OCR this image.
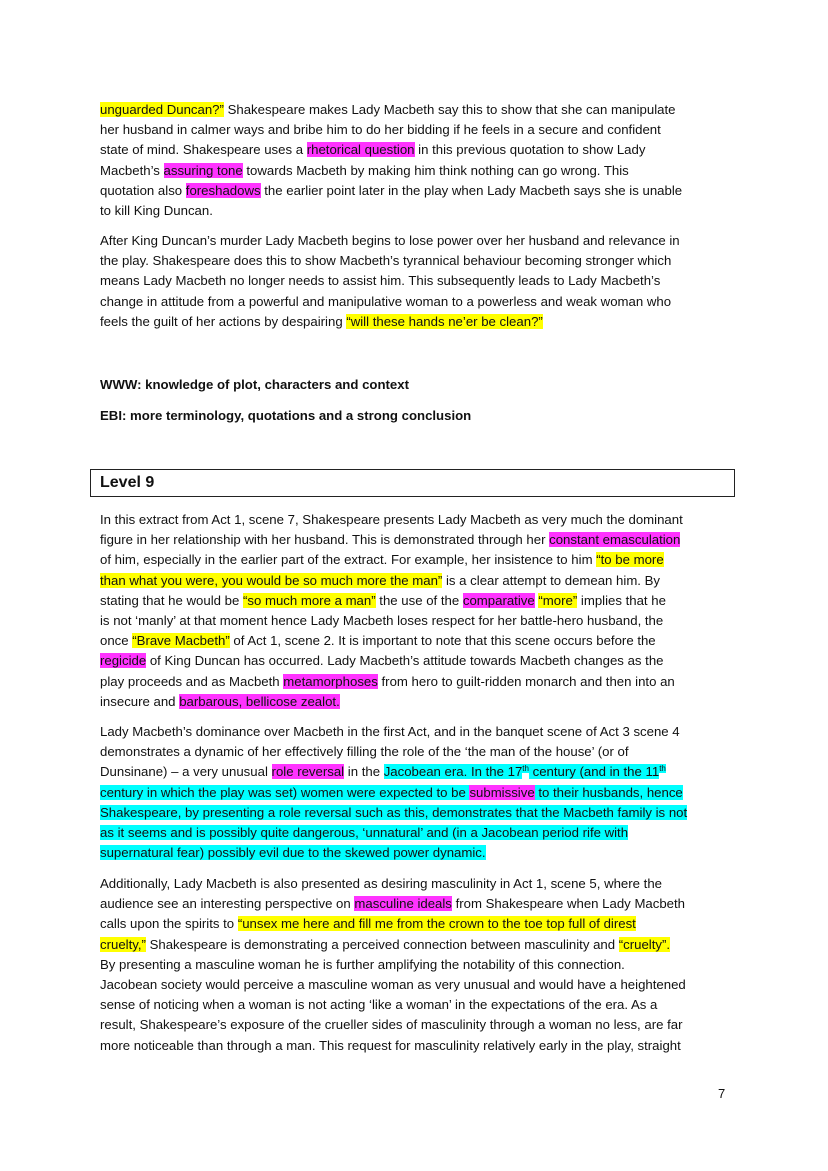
unguarded Duncan?” Shakespeare makes Lady Macbeth say this to show that she can manipulate
her husband in calmer ways and bribe him to do her bidding if he feels in a secure and confident
state of mind. Shakespeare uses a rhetorical question in this previous quotation to show Lady
Macbeth’s assuring tone towards Macbeth by making him think nothing can go wrong. This
quotation also foreshadows the earlier point later in the play when Lady Macbeth says she is unable
to kill King Duncan.
After King Duncan’s murder Lady Macbeth begins to lose power over her husband and relevance in
the play. Shakespeare does this to show Macbeth’s tyrannical behaviour becoming stronger which
means Lady Macbeth no longer needs to assist him. This subsequently leads to Lady Macbeth’s
change in attitude from a powerful and manipulative woman to a powerless and weak woman who
feels the guilt of her actions by despairing “will these hands ne’er be clean?”

WWW: knowledge of plot, characters and context

EBI: more terminology, quotations and a strong conclusion

Level 9
In this extract from Act 1, scene 7, Shakespeare presents Lady Macbeth as very much the dominant
figure in her relationship with her husband. This is demonstrated through her constant emasculation
of him, especially in the earlier part of the extract. For example, her insistence to him “to be more
than what you were, you would be so much more the man” is a clear attempt to demean him. By
stating that he would be “so much more a man” the use of the comparative “more” implies that he
is not ‘manly’ at that moment hence Lady Macbeth loses respect for her battle-hero husband, the
once “Brave Macbeth” of Act 1, scene 2. It is important to note that this scene occurs before the
regicide of King Duncan has occurred. Lady Macbeth’s attitude towards Macbeth changes as the
play proceeds and as Macbeth metamorphoses from hero to guilt-ridden monarch and then into an
insecure and barbarous, bellicose zealot.
Lady Macbeth’s dominance over Macbeth in the first Act, and in the banquet scene of Act 3 scene 4
demonstrates a dynamic of her effectively filling the role of the ‘the man of the house’ (or of
Dunsinane) – a very unusual role reversal in the Jacobean era. In the 17th century (and in the 11th
century in which the play was set) women were expected to be submissive to their husbands, hence
Shakespeare, by presenting a role reversal such as this, demonstrates that the Macbeth family is not
as it seems and is possibly quite dangerous, ‘unnatural’ and (in a Jacobean period rife with
supernatural fear) possibly evil due to the skewed power dynamic.
Additionally, Lady Macbeth is also presented as desiring masculinity in Act 1, scene 5, where the
audience see an interesting perspective on masculine ideals from Shakespeare when Lady Macbeth
calls upon the spirits to “unsex me here and fill me from the crown to the toe top full of direst
cruelty,” Shakespeare is demonstrating a perceived connection between masculinity and “cruelty”.
By presenting a masculine woman he is further amplifying the notability of this connection.
Jacobean society would perceive a masculine woman as very unusual and would have a heightened
sense of noticing when a woman is not acting ‘like a woman’ in the expectations of the era. As a
result, Shakespeare’s exposure of the crueller sides of masculinity through a woman no less, are far
more noticeable than through a man. This request for masculinity relatively early in the play, straight
7
